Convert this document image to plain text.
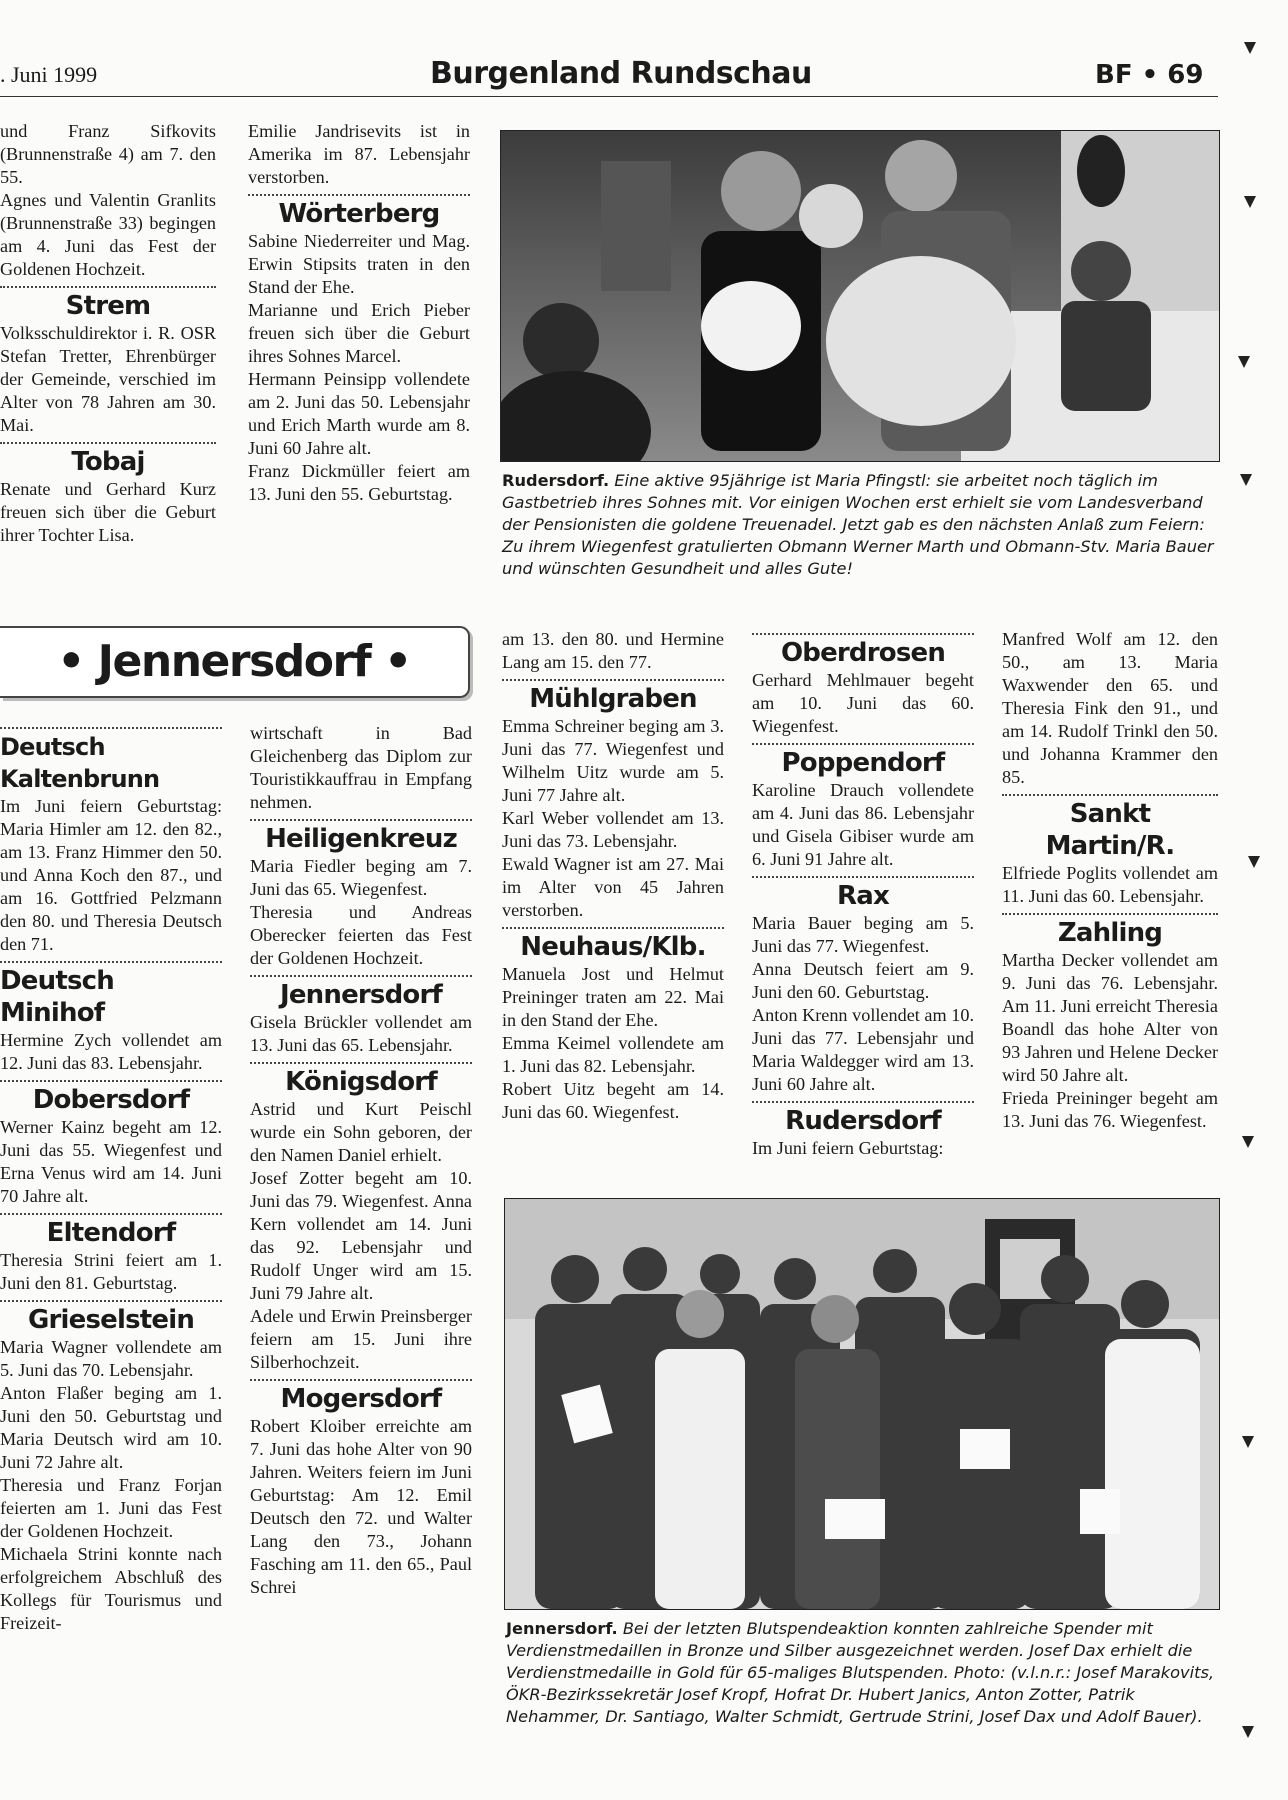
. Juni 1999	Burgenland Rundschau	BF • 69

und Franz Sifkovits (Brunnenstraße 4) am 7. den 55.

Agnes und Valentin Granlits (Brunnenstraße 33) begingen am 4. Juni das Fest der Goldenen Hochzeit.

Strem

Volksschuldirektor i. R. OSR Stefan Tretter, Ehrenbürger der Gemeinde, verschied im Alter von 78 Jahren am 30. Mai.

Tobaj

Renate und Gerhard Kurz freuen sich über die Geburt ihrer Tochter Lisa.

Emilie Jandrisevits ist in Amerika im 87. Lebensjahr verstorben.

Wörterberg

Sabine Niederreiter und Mag. Erwin Stipsits traten in den Stand der Ehe.

Marianne und Erich Pieber freuen sich über die Geburt ihres Sohnes Marcel.

Hermann Peinsipp vollendete am 2. Juni das 50. Lebensjahr und Erich Marth wurde am 8. Juni 60 Jahre alt.

Franz Dickmüller feiert am 13. Juni den 55. Geburtstag.

Rudersdorf. Eine aktive 95jährige ist Maria Pfingstl: sie arbeitet noch täglich im Gastbetrieb ihres Sohnes mit. Vor einigen Wochen erst erhielt sie vom Landesverband der Pensionisten die goldene Treuenadel. Jetzt gab es den nächsten Anlaß zum Feiern: Zu ihrem Wiegenfest gratulierten Obmann Werner Marth und Obmann-Stv. Maria Bauer und wünschten Gesundheit und alles Gute!
• Jennersdorf •
Deutsch Kaltenbrunn

Im Juni feiern Geburtstag: Maria Himler am 12. den 82., am 13. Franz Himmer den 50. und Anna Koch den 87., und am 16. Gottfried Pelzmann den 80. und Theresia Deutsch den 71.

Deutsch Minihof

Hermine Zych vollendet am 12. Juni das 83. Lebensjahr.

Dobersdorf

Werner Kainz begeht am 12. Juni das 55. Wiegenfest und Erna Venus wird am 14. Juni 70 Jahre alt.

Eltendorf

Theresia Strini feiert am 1. Juni den 81. Geburtstag.

Grieselstein

Maria Wagner vollendete am 5. Juni das 70. Lebensjahr.

Anton Flaßer beging am 1. Juni den 50. Geburtstag und Maria Deutsch wird am 10. Juni 72 Jahre alt.

Theresia und Franz Forjan feierten am 1. Juni das Fest der Goldenen Hochzeit.

Michaela Strini konnte nach erfolgreichem Abschluß des Kollegs für Tourismus und Freizeit-

wirtschaft in Bad Gleichenberg das Diplom zur Touristikkauffrau in Empfang nehmen.

Heiligenkreuz

Maria Fiedler beging am 7. Juni das 65. Wiegenfest.

Theresia und Andreas Oberecker feierten das Fest der Goldenen Hochzeit.

Jennersdorf

Gisela Brückler vollendet am 13. Juni das 65. Lebensjahr.

Königsdorf

Astrid und Kurt Peischl wurde ein Sohn geboren, der den Namen Daniel erhielt.

Josef Zotter begeht am 10. Juni das 79. Wiegenfest. Anna Kern vollendet am 14. Juni das 92. Lebensjahr und Rudolf Unger wird am 15. Juni 79 Jahre alt.

Adele und Erwin Preinsberger feiern am 15. Juni ihre Silberhochzeit.

Mogersdorf

Robert Kloiber erreichte am 7. Juni das hohe Alter von 90 Jahren. Weiters feiern im Juni Geburtstag: Am 12. Emil Deutsch den 72. und Walter Lang den 73., Johann Fasching am 11. den 65., Paul Schrei

am 13. den 80. und Hermine Lang am 15. den 77.

Mühlgraben

Emma Schreiner beging am 3. Juni das 77. Wiegenfest und Wilhelm Uitz wurde am 5. Juni 77 Jahre alt.

Karl Weber vollendet am 13. Juni das 73. Lebensjahr.

Ewald Wagner ist am 27. Mai im Alter von 45 Jahren verstorben.

Neuhaus/Klb.

Manuela Jost und Helmut Preininger traten am 22. Mai in den Stand der Ehe.

Emma Keimel vollendete am 1. Juni das 82. Lebensjahr.

Robert Uitz begeht am 14. Juni das 60. Wiegenfest.

Oberdrosen

Gerhard Mehlmauer begeht am 10. Juni das 60. Wiegenfest.

Poppendorf

Karoline Drauch vollendete am 4. Juni das 86. Lebensjahr und Gisela Gibiser wurde am 6. Juni 91 Jahre alt.

Rax

Maria Bauer beging am 5. Juni das 77. Wiegenfest.

Anna Deutsch feiert am 9. Juni den 60. Geburtstag.

Anton Krenn vollendet am 10. Juni das 77. Lebensjahr und Maria Waldegger wird am 13. Juni 60 Jahre alt.

Rudersdorf

Im Juni feiern Geburtstag:

Manfred Wolf am 12. den 50., am 13. Maria Waxwender den 65. und Theresia Fink den 91., und am 14. Rudolf Trinkl den 50. und Johanna Krammer den 85.

Sankt Martin/R.

Elfriede Poglits vollendet am 11. Juni das 60. Lebensjahr.

Zahling

Martha Decker vollendet am 9. Juni das 76. Lebensjahr. Am 11. Juni erreicht Theresia Boandl das hohe Alter von 93 Jahren und Helene Decker wird 50 Jahre alt.

Frieda Preininger begeht am 13. Juni das 76. Wiegenfest.

Jennersdorf. Bei der letzten Blutspendeaktion konnten zahlreiche Spender mit Verdienstmedaillen in Bronze und Silber ausgezeichnet werden. Josef Dax erhielt die Verdienstmedaille in Gold für 65-maliges Blutspenden. Photo: (v.l.n.r.: Josef Marakovits, ÖKR-Bezirkssekretär Josef Kropf, Hofrat Dr. Hubert Janics, Anton Zotter, Patrik Nehammer, Dr. Santiago, Walter Schmidt, Gertrude Strini, Josef Dax und Adolf Bauer).
